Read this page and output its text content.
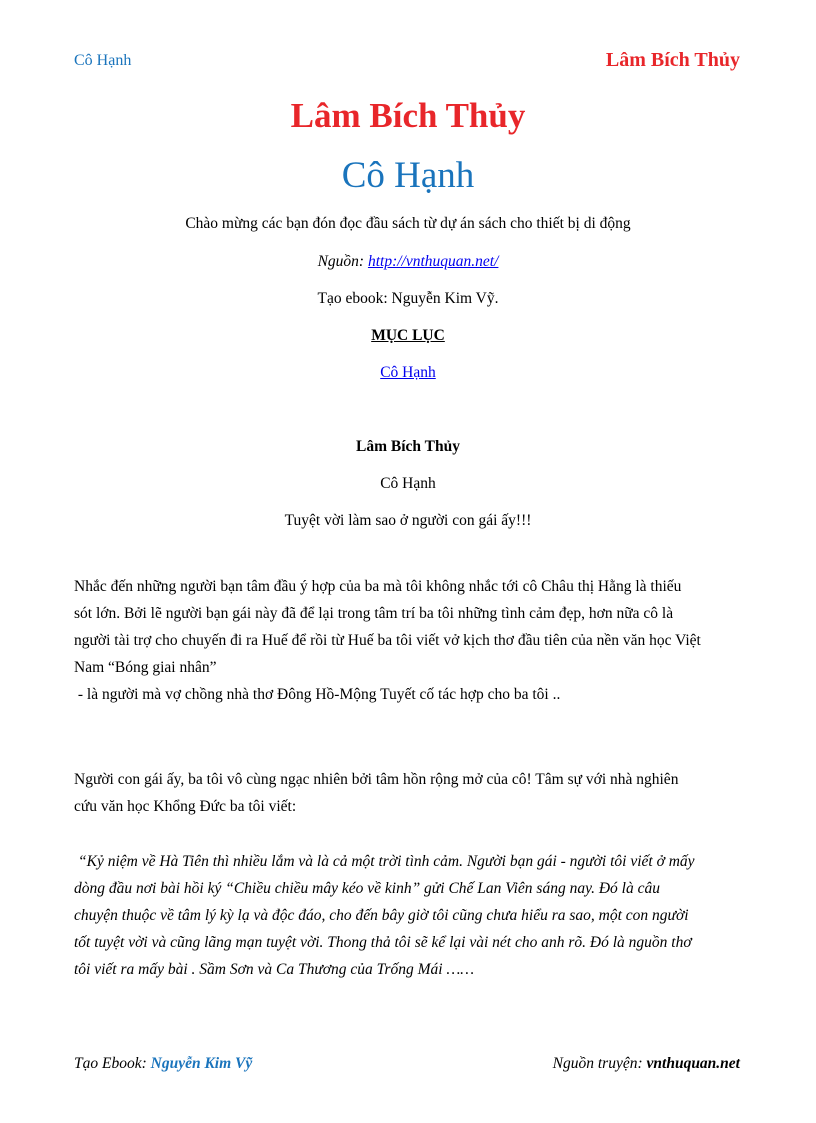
Cô Hạnh	Lâm Bích Thủy
Lâm Bích Thủy
Cô Hạnh
Chào mừng các bạn đón đọc đầu sách từ dự án sách cho thiết bị di động
Nguồn: http://vnthuquan.net/
Tạo ebook: Nguyễn Kim Vỹ.
MỤC LỤC
Cô Hạnh
Lâm Bích Thủy
Cô Hạnh
Tuyệt vời làm sao ở người con gái ấy!!!
Nhắc đến những người bạn tâm đầu ý hợp của ba mà tôi không nhắc tới cô Châu thị Hằng là thiếu
sót lớn. Bởi lẽ người bạn gái này đã để lại trong tâm trí ba tôi những tình cảm đẹp, hơn nữa cô là
người tài trợ cho chuyến đi ra Huế để rồi từ Huế ba tôi viết vở kịch thơ đầu tiên của nền văn học Việt
Nam “Bóng giai nhân”
- là người mà vợ chồng nhà thơ Đông Hồ-Mộng Tuyết cố tác hợp cho ba tôi ..
Người con gái ấy, ba tôi vô cùng ngạc nhiên bởi tâm hồn rộng mở của cô! Tâm sự với nhà nghiên
cứu văn học Khổng Đức ba tôi viết:
“Kỷ niệm về Hà Tiên thì nhiều lắm và là cả một trời tình cảm. Người bạn gái - người tôi viết ở mấy
dòng đầu nơi bài hồi ký “Chiều chiều mây kéo về kinh” gửi Chế Lan Viên sáng nay. Đó là câu
chuyện thuộc về tâm lý kỳ lạ và độc đáo, cho đến bây giờ tôi cũng chưa hiểu ra sao, một con người
tốt tuyệt vời và cũng lãng mạn tuyệt vời. Thong thả tôi sẽ kể lại vài nét cho anh rõ. Đó là nguồn thơ
tôi viết ra mấy bài . Sầm Sơn và Ca Thương của Trống Mái ……
Tạo Ebook: Nguyễn Kim Vỹ	Nguồn truyện: vnthuquan.net
